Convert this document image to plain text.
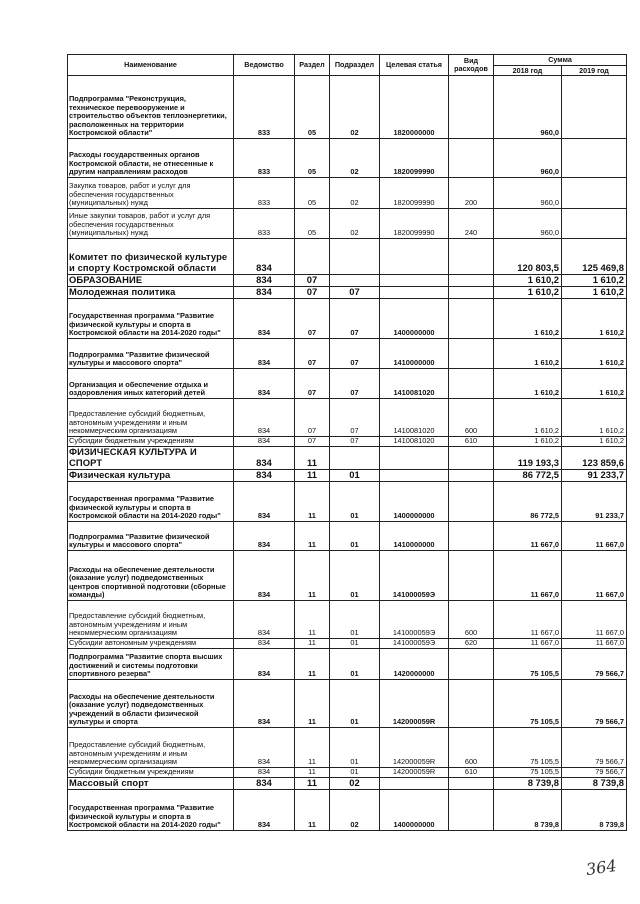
Наименование	Ведомство	Раздел	Подраздел	Целевая статья	Вид расходов	Сумма	
						2018 год	2019 год
Подпрограмма "Реконструкция, техническое перевооружение и строительство объектов теплоэнергетики, расположенных на территории Костромской области"	833	05	02	1820000000		960,0	
Расходы государственных органов Костромской области, не отнесенные к другим направлениям расходов	833	05	02	1820099990		960,0	
Закупка товаров, работ и услуг для обеспечения государственных (муниципальных) нужд	833	05	02	1820099990	200	960,0	
Иные закупки товаров, работ и услуг для обеспечения государственных (муниципальных) нужд	833	05	02	1820099990	240	960,0	
Комитет по физической культуре и спорту Костромской области	834					120 803,5	125 469,8
ОБРАЗОВАНИЕ	834	07				1 610,2	1 610,2
Молодежная политика	834	07	07			1 610,2	1 610,2
Государственная программа "Развитие физической культуры и спорта в Костромской области на 2014-2020 годы"	834	07	07	1400000000		1 610,2	1 610,2
Подпрограмма "Развитие физической культуры и массового спорта"	834	07	07	1410000000		1 610,2	1 610,2
Организация и обеспечение отдыха и оздоровления иных категорий детей	834	07	07	1410081020		1 610,2	1 610,2
Предоставление субсидий бюджетным, автономным учреждениям и иным некоммерческим организациям	834	07	07	1410081020	600	1 610,2	1 610,2
Субсидии бюджетным учреждениям	834	07	07	1410081020	610	1 610,2	1 610,2
ФИЗИЧЕСКАЯ КУЛЬТУРА И СПОРТ	834	11				119 193,3	123 859,6
Физическая культура	834	11	01			86 772,5	91 233,7
Государственная программа "Развитие физической культуры и спорта в Костромской области на 2014-2020 годы"	834	11	01	1400000000		86 772,5	91 233,7
Подпрограмма "Развитие физической культуры и массового спорта"	834	11	01	1410000000		11 667,0	11 667,0
Расходы на обеспечение деятельности (оказание услуг) подведомственных центров спортивной подготовки (сборные команды)	834	11	01	141000059Э		11 667,0	11 667,0
Предоставление субсидий бюджетным, автономным учреждениям и иным некоммерческим организациям	834	11	01	141000059Э	600	11 667,0	11 667,0
Субсидии автономным учреждениям	834	11	01	141000059Э	620	11 667,0	11 667,0
Подпрограмма "Развитие спорта высших достижений и системы подготовки спортивного резерва"	834	11	01	1420000000		75 105,5	79 566,7
Расходы на обеспечение деятельности (оказание услуг) подведомственных учреждений в области физической культуры и спорта	834	11	01	142000059R		75 105,5	79 566,7
Предоставление субсидий бюджетным, автономным учреждениям и иным некоммерческим организациям	834	11	01	142000059R	600	75 105,5	79 566,7
Субсидии бюджетным учреждениям	834	11	01	142000059R	610	75 105,5	79 566,7
Массовый спорт	834	11	02			8 739,8	8 739,8
Государственная программа "Развитие физической культуры и спорта в Костромской области на 2014-2020 годы"	834	11	02	1400000000		8 739,8	8 739,8
364
